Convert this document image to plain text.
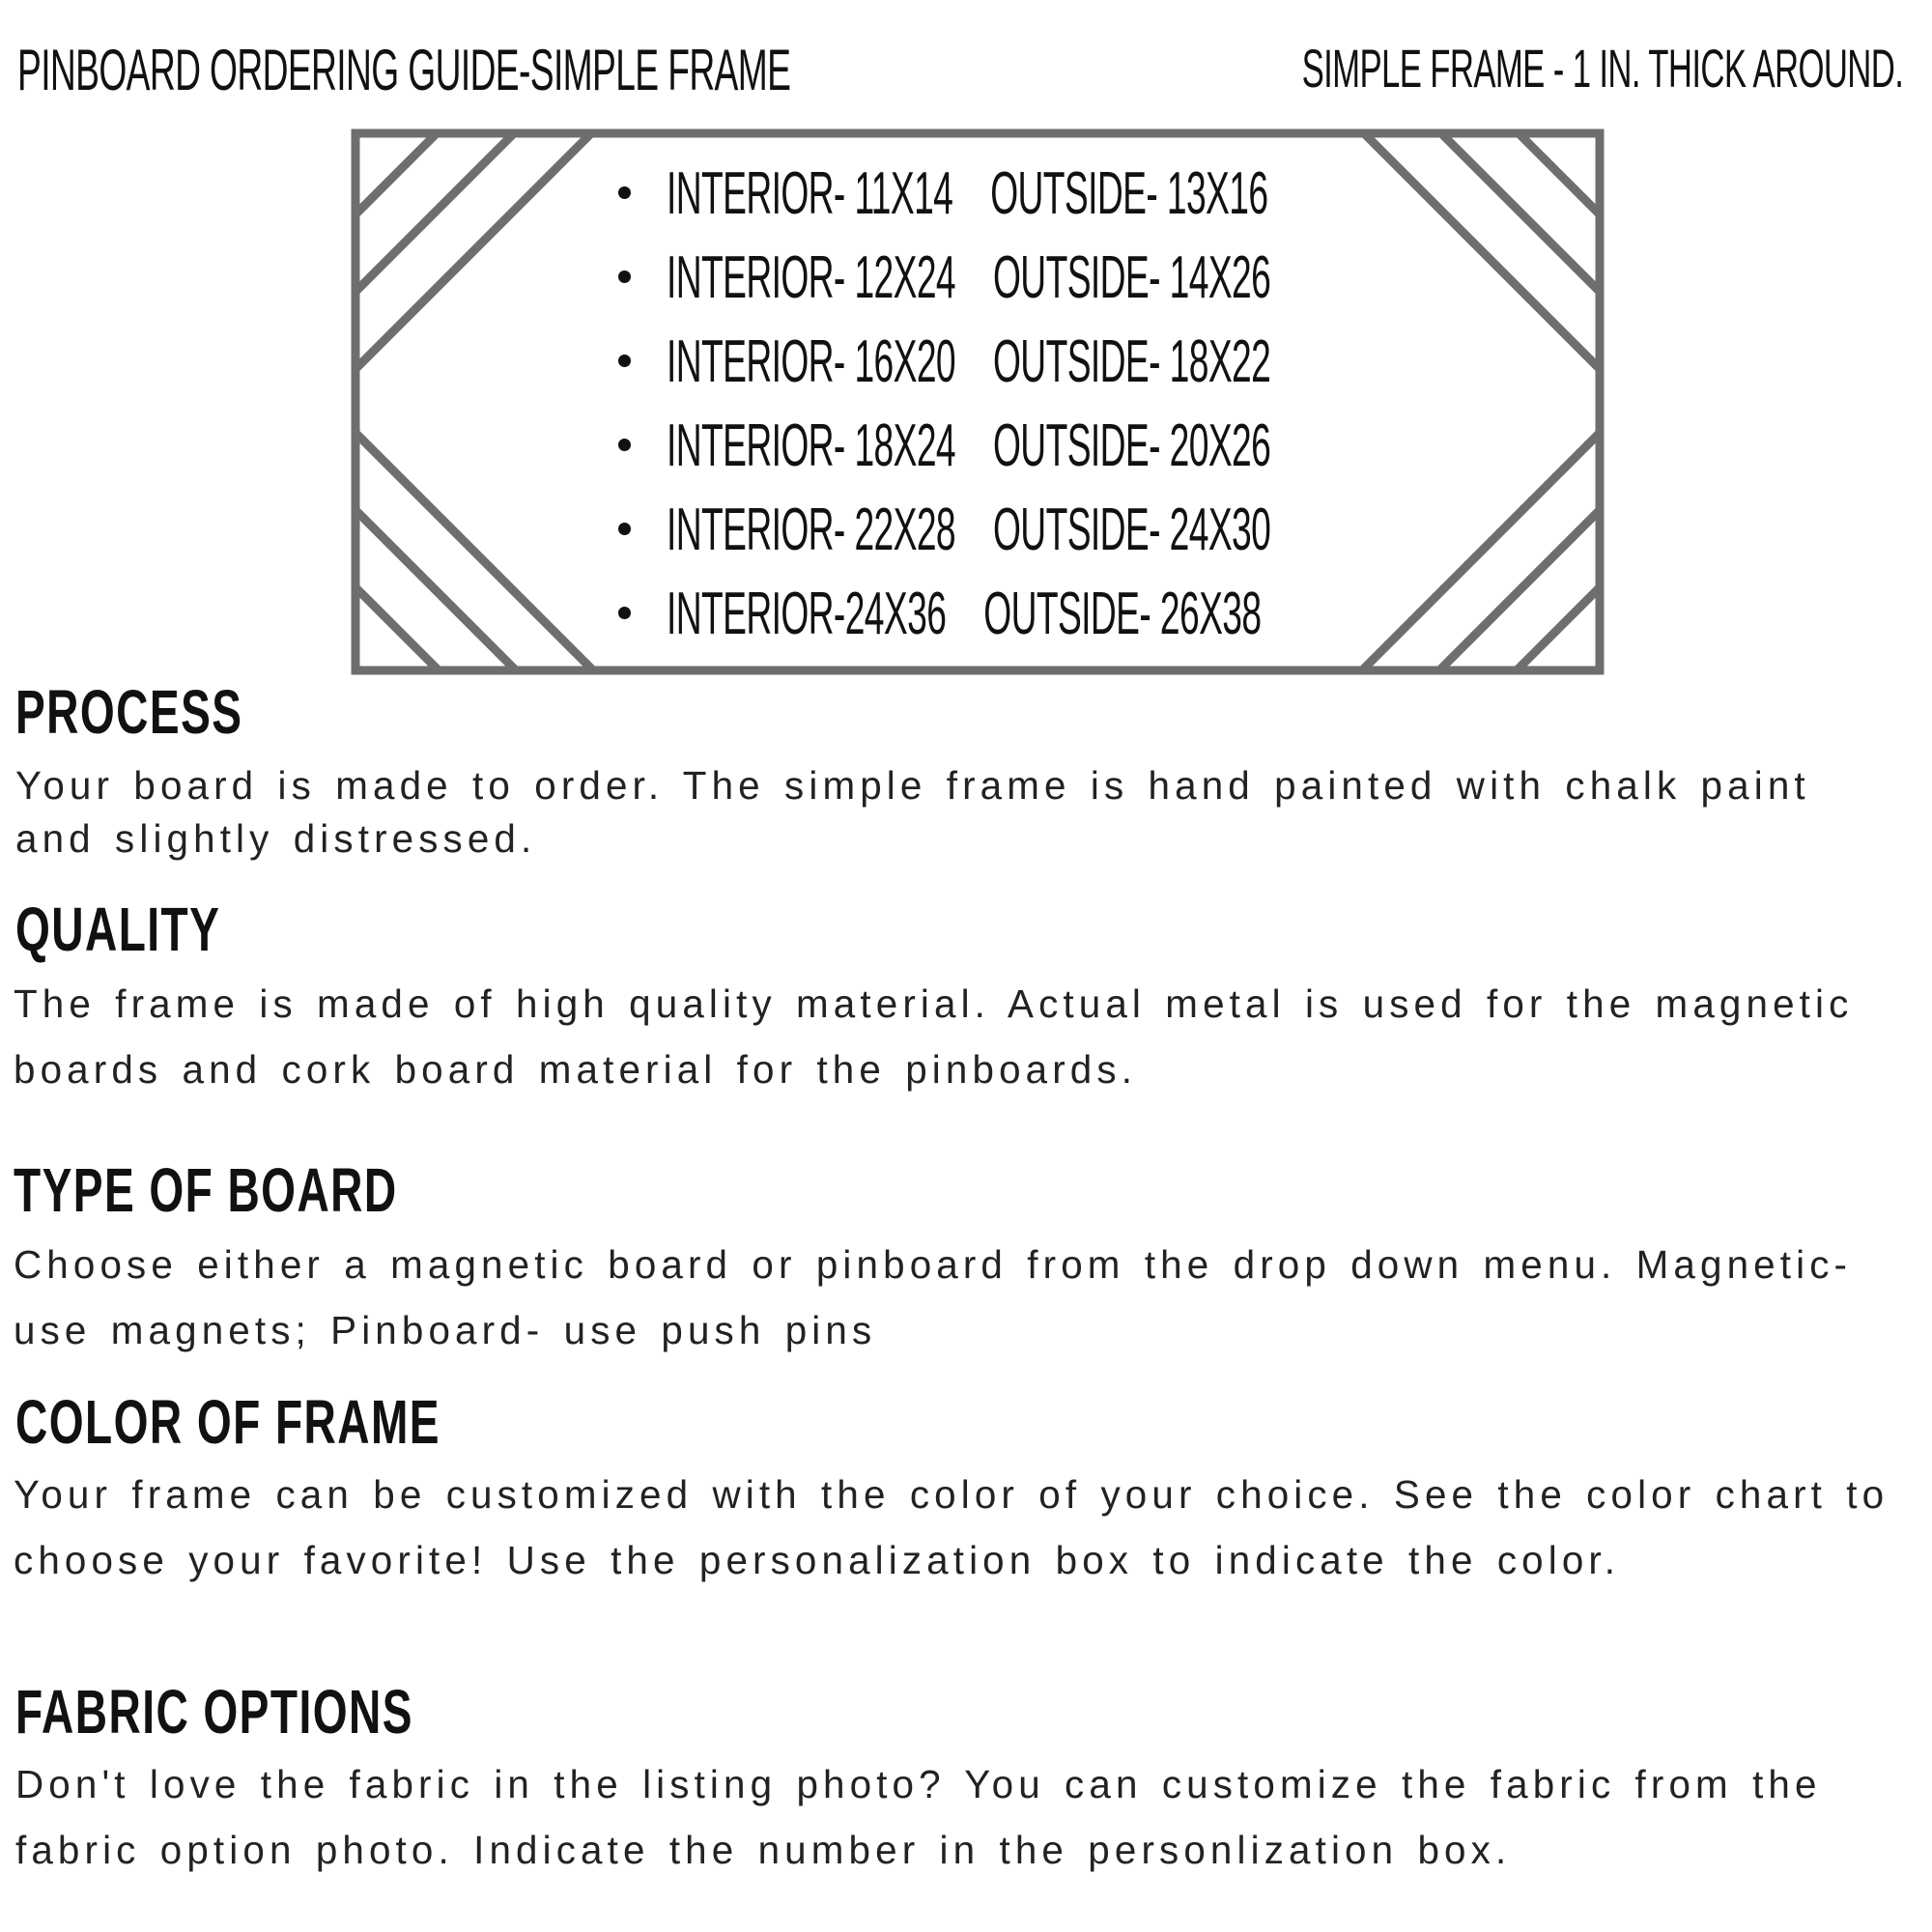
PINBOARD ORDERING GUIDE-SIMPLE FRAME	SIMPLE FRAME - 1 IN. THICK AROUND.
INTERIOR- 11X14    OUTSIDE- 13X16
INTERIOR- 12X24    OUTSIDE- 14X26
INTERIOR- 16X20    OUTSIDE- 18X22
INTERIOR- 18X24    OUTSIDE- 20X26
INTERIOR- 22X28    OUTSIDE- 24X30
INTERIOR-24X36    OUTSIDE- 26X38
PROCESS
Your board is made to order. The simple frame is hand painted with chalk paint and slightly distressed.
QUALITY
The frame is made of high quality material. Actual metal is used for the magnetic boards and cork board material for the pinboards.
TYPE OF BOARD
Choose either a magnetic board or pinboard from the drop down menu. Magnetic- use magnets; Pinboard- use push pins
COLOR OF FRAME
Your frame can be customized with the color of your choice. See the color chart to choose your favorite! Use the personalization box to indicate the color.
FABRIC OPTIONS
Don't love the fabric in the listing photo? You can customize the fabric from the fabric option photo. Indicate the number in the personlization box.
